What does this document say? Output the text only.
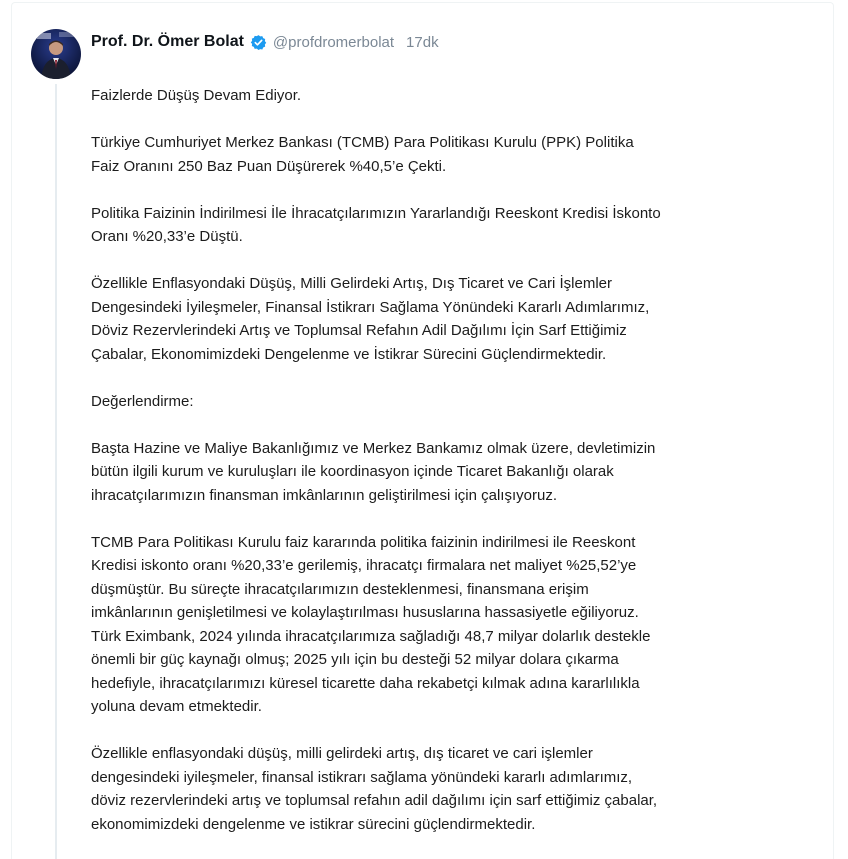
Prof. Dr. Ömer Bolat @profdromerbolat 17dk

Faizlerde Düşüş Devam Ediyor.

Türkiye Cumhuriyet Merkez Bankası (TCMB) Para Politikası Kurulu (PPK) Politika
Faiz Oranını 250 Baz Puan Düşürerek %40,5’e Çekti.

Politika Faizinin İndirilmesi İle İhracatçılarımızın Yararlandığı Reeskont Kredisi İskonto
Oranı %20,33’e Düştü.

Özellikle Enflasyondaki Düşüş, Milli Gelirdeki Artış, Dış Ticaret ve Cari İşlemler
Dengesindeki İyileşmeler, Finansal İstikrarı Sağlama Yönündeki Kararlı Adımlarımız,
Döviz Rezervlerindeki Artış ve Toplumsal Refahın Adil Dağılımı İçin Sarf Ettiğimiz
Çabalar, Ekonomimizdeki Dengelenme ve İstikrar Sürecini Güçlendirmektedir.

Değerlendirme:

Başta Hazine ve Maliye Bakanlığımız ve Merkez Bankamız olmak üzere, devletimizin
bütün ilgili kurum ve kuruluşları ile koordinasyon içinde Ticaret Bakanlığı olarak
ihracatçılarımızın finansman imkânlarının geliştirilmesi için çalışıyoruz.

TCMB Para Politikası Kurulu faiz kararında politika faizinin indirilmesi ile Reeskont
Kredisi iskonto oranı %20,33’e gerilemiş, ihracatçı firmalara net maliyet %25,52’ye
düşmüştür. Bu süreçte ihracatçılarımızın desteklenmesi, finansmana erişim
imkânlarının genişletilmesi ve kolaylaştırılması hususlarına hassasiyetle eğiliyoruz.
Türk Eximbank, 2024 yılında ihracatçılarımıza sağladığı 48,7 milyar dolarlık destekle
önemli bir güç kaynağı olmuş; 2025 yılı için bu desteği 52 milyar dolara çıkarma
hedefiyle, ihracatçılarımızı küresel ticarette daha rekabetçi kılmak adına kararlılıkla
yoluna devam etmektedir.

Özellikle enflasyondaki düşüş, milli gelirdeki artış, dış ticaret ve cari işlemler
dengesindeki iyileşmeler, finansal istikrarı sağlama yönündeki kararlı adımlarımız,
döviz rezervlerindeki artış ve toplumsal refahın adil dağılımı için sarf ettiğimiz çabalar,
ekonomimizdeki dengelenme ve istikrar sürecini güçlendirmektedir.
